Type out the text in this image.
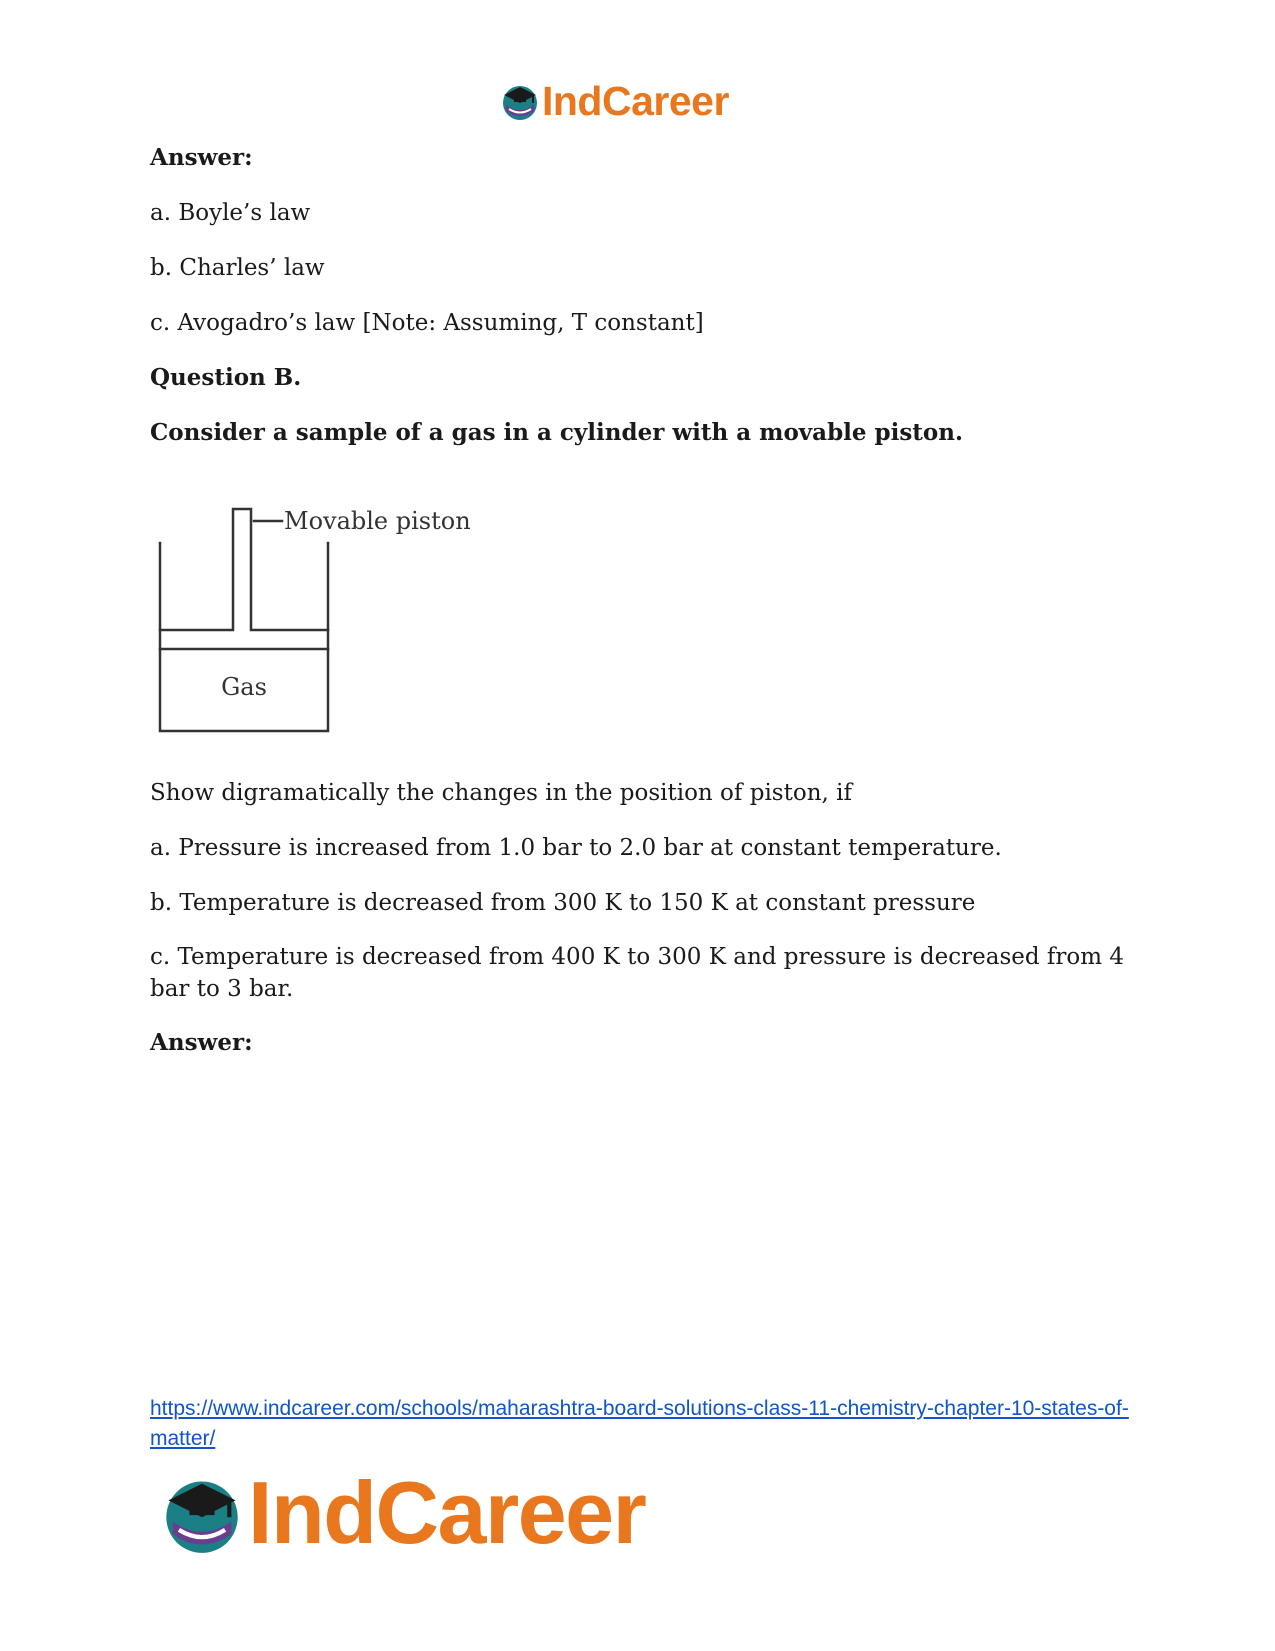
IndCareer

Answer:

a. Boyle’s law

b. Charles’ law

c. Avogadro’s law [Note: Assuming, T constant]

Question B.

Consider a sample of a gas in a cylinder with a movable piston.

Movable piston
Gas

Show digramatically the changes in the position of piston, if

a. Pressure is increased from 1.0 bar to 2.0 bar at constant temperature.

b. Temperature is decreased from 300 K to 150 K at constant pressure

c. Temperature is decreased from 400 K to 300 K and pressure is decreased from 4 bar to 3 bar.

Answer:

https://www.indcareer.com/schools/maharashtra-board-solutions-class-11-chemistry-chapter-10-states-of-matter/
IndCareer
